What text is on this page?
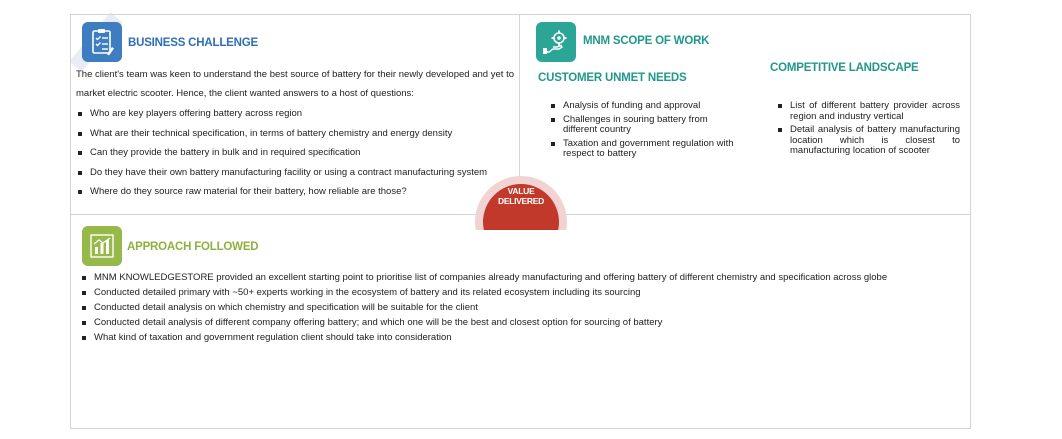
BUSINESS CHALLENGE
The client's team was keen to understand the best source of battery for their newly developed and yet to market electric scooter. Hence, the client wanted answers to a host of questions:
Who are key players offering battery across region
What are their technical specification, in terms of battery chemistry and energy density
Can they provide the battery in bulk and in required specification
Do they have their own battery manufacturing facility or using a contract manufacturing system
Where do they source raw material for their battery, how reliable are those?
MNM SCOPE OF WORK
CUSTOMER UNMET NEEDS
COMPETITIVE LANDSCAPE
Analysis of funding and approval
Challenges in souring battery from different country
Taxation and government regulation with respect to battery
List of different battery provider across region and industry vertical
Detail analysis of battery manufacturing location which is closest to manufacturing location of scooter
VALUE
DELIVERED
APPROACH FOLLOWED
MNM KNOWLEDGESTORE provided an excellent starting point to prioritise list of companies already manufacturing and offering battery of different chemistry and specification across globe
Conducted detailed primary with ~50+ experts working in the ecosystem of battery and its related ecosystem including its sourcing
Conducted detail analysis on which chemistry and specification will be suitable for the client
Conducted detail analysis of different company offering battery; and which one will be the best and closest option for sourcing of battery
What kind of taxation and government regulation client should take into consideration
